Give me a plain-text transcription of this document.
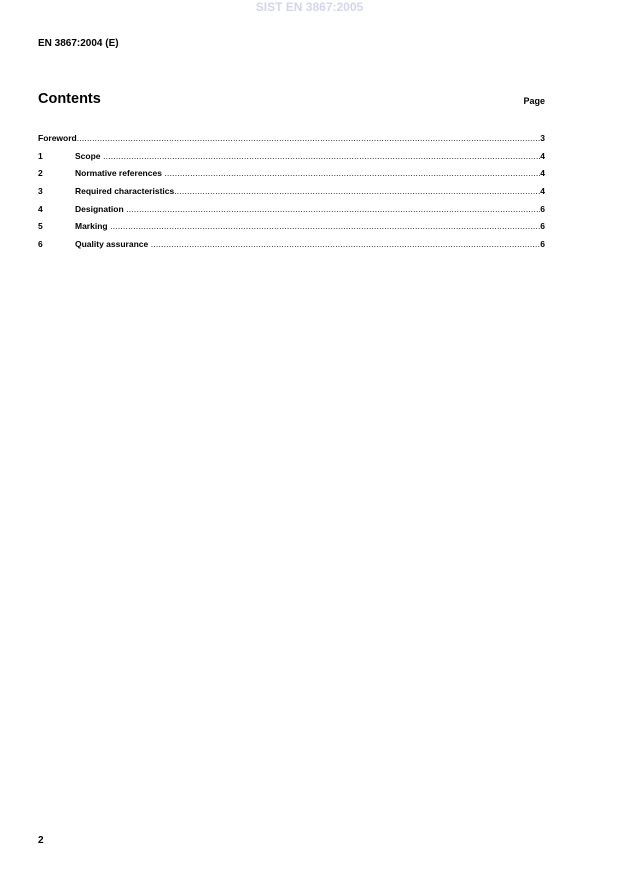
SIST EN 3867:2005
EN 3867:2004 (E)
Contents	Page
Foreword .....	3
1	Scope .....	4
2	Normative references .....	4
3	Required characteristics .....	4
4	Designation .....	6
5	Marking .....	6
6	Quality assurance .....	6
2
